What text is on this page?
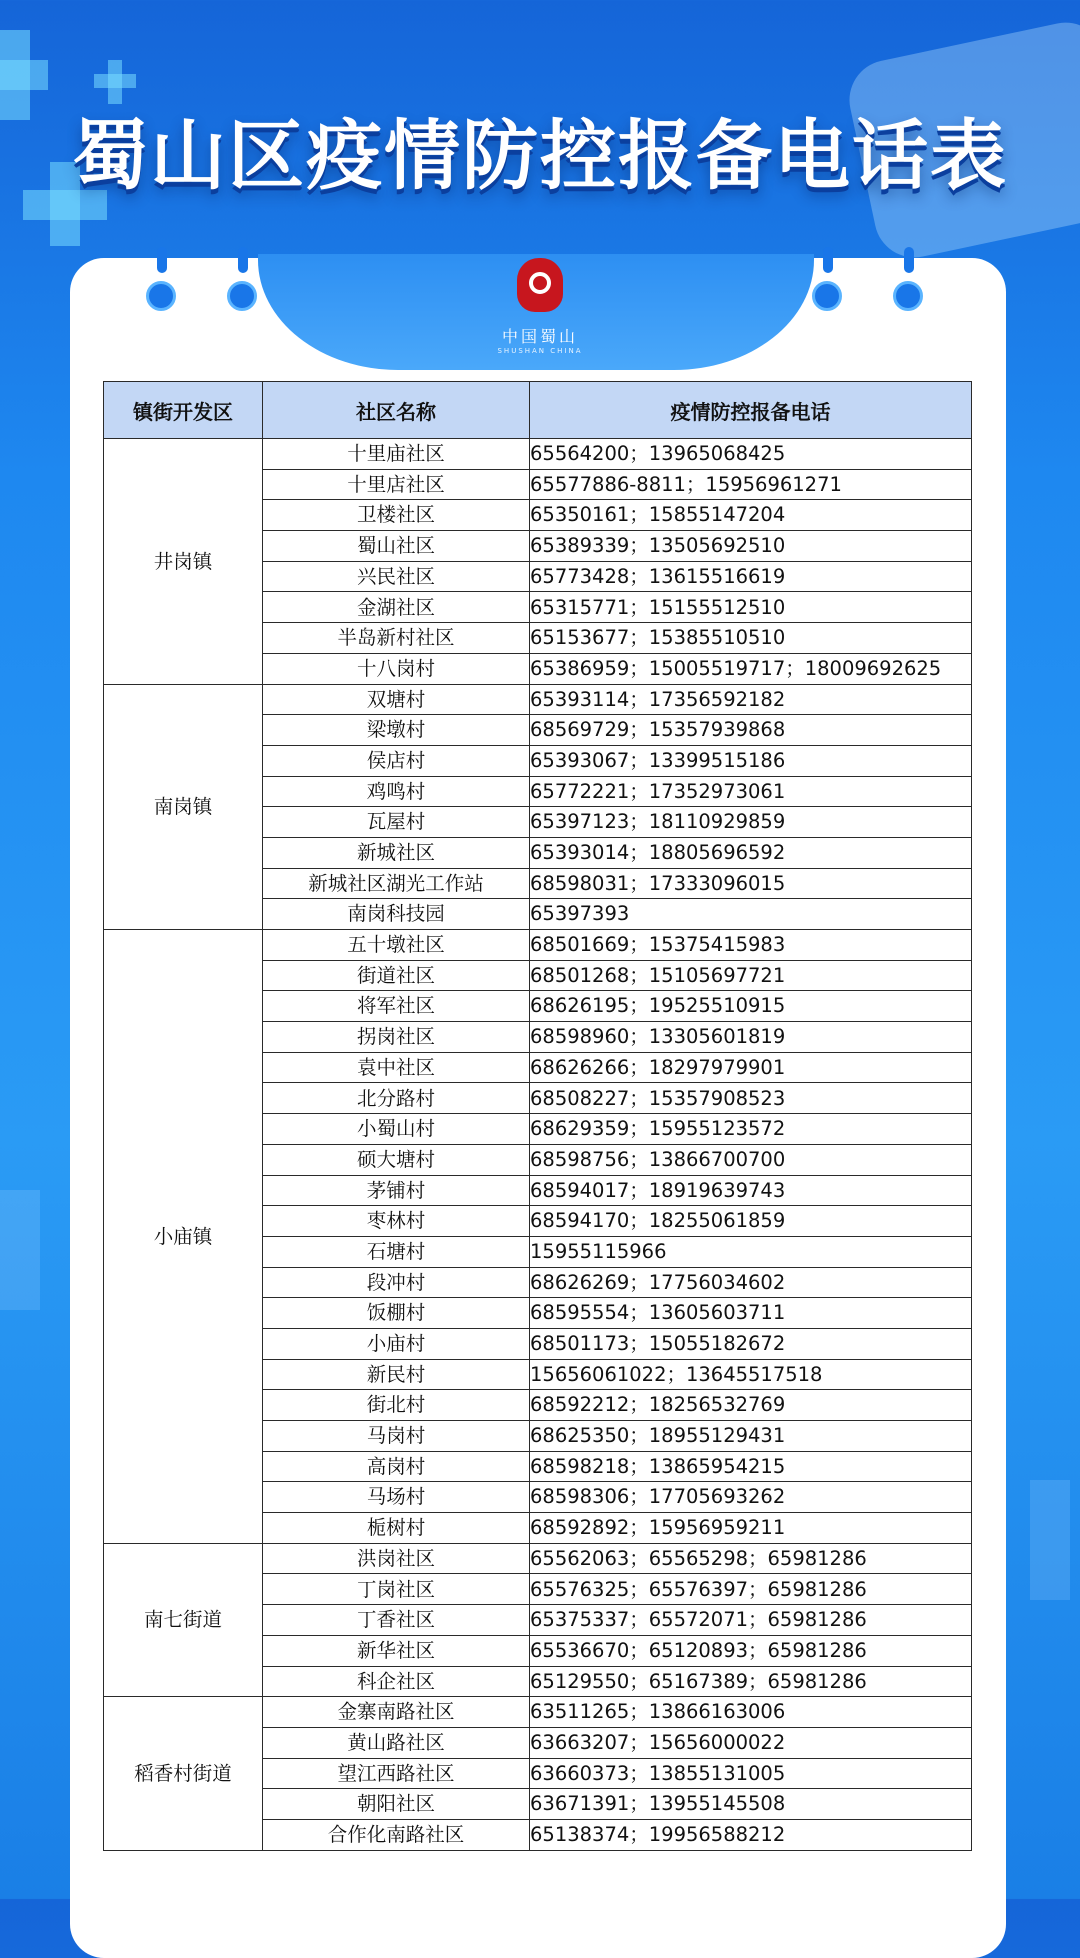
蜀山区疫情防控报备电话表
中国蜀山
SHUSHAN CHINA
镇街开发区	社区名称	疫情防控报备电话
井岗镇	十里庙社区	65564200；13965068425
	十里店社区	65577886-8811；15956961271
	卫楼社区	65350161；15855147204
	蜀山社区	65389339；13505692510
	兴民社区	65773428；13615516619
	金湖社区	65315771；15155512510
	半岛新村社区	65153677；15385510510
	十八岗村	65386959；15005519717；18009692625
南岗镇	双塘村	65393114；17356592182
	梁墩村	68569729；15357939868
	侯店村	65393067；13399515186
	鸡鸣村	65772221；17352973061
	瓦屋村	65397123；18110929859
	新城社区	65393014；18805696592
	新城社区湖光工作站	68598031；17333096015
	南岗科技园	65397393
小庙镇	五十墩社区	68501669；15375415983
	街道社区	68501268；15105697721
	将军社区	68626195；19525510915
	拐岗社区	68598960；13305601819
	袁中社区	68626266；18297979901
	北分路村	68508227；15357908523
	小蜀山村	68629359；15955123572
	硕大塘村	68598756；13866700700
	茅铺村	68594017；18919639743
	枣林村	68594170；18255061859
	石塘村	15955115966
	段冲村	68626269；17756034602
	饭棚村	68595554；13605603711
	小庙村	68501173；15055182672
	新民村	15656061022；13645517518
	街北村	68592212；18256532769
	马岗村	68625350；18955129431
	高岗村	68598218；13865954215
	马场村	68598306；17705693262
	栀树村	68592892；15956959211
南七街道	洪岗社区	65562063；65565298；65981286
	丁岗社区	65576325；65576397；65981286
	丁香社区	65375337；65572071；65981286
	新华社区	65536670；65120893；65981286
	科企社区	65129550；65167389；65981286
稻香村街道	金寨南路社区	63511265；13866163006
	黄山路社区	63663207；15656000022
	望江西路社区	63660373；13855131005
	朝阳社区	63671391；13955145508
	合作化南路社区	65138374；19956588212
